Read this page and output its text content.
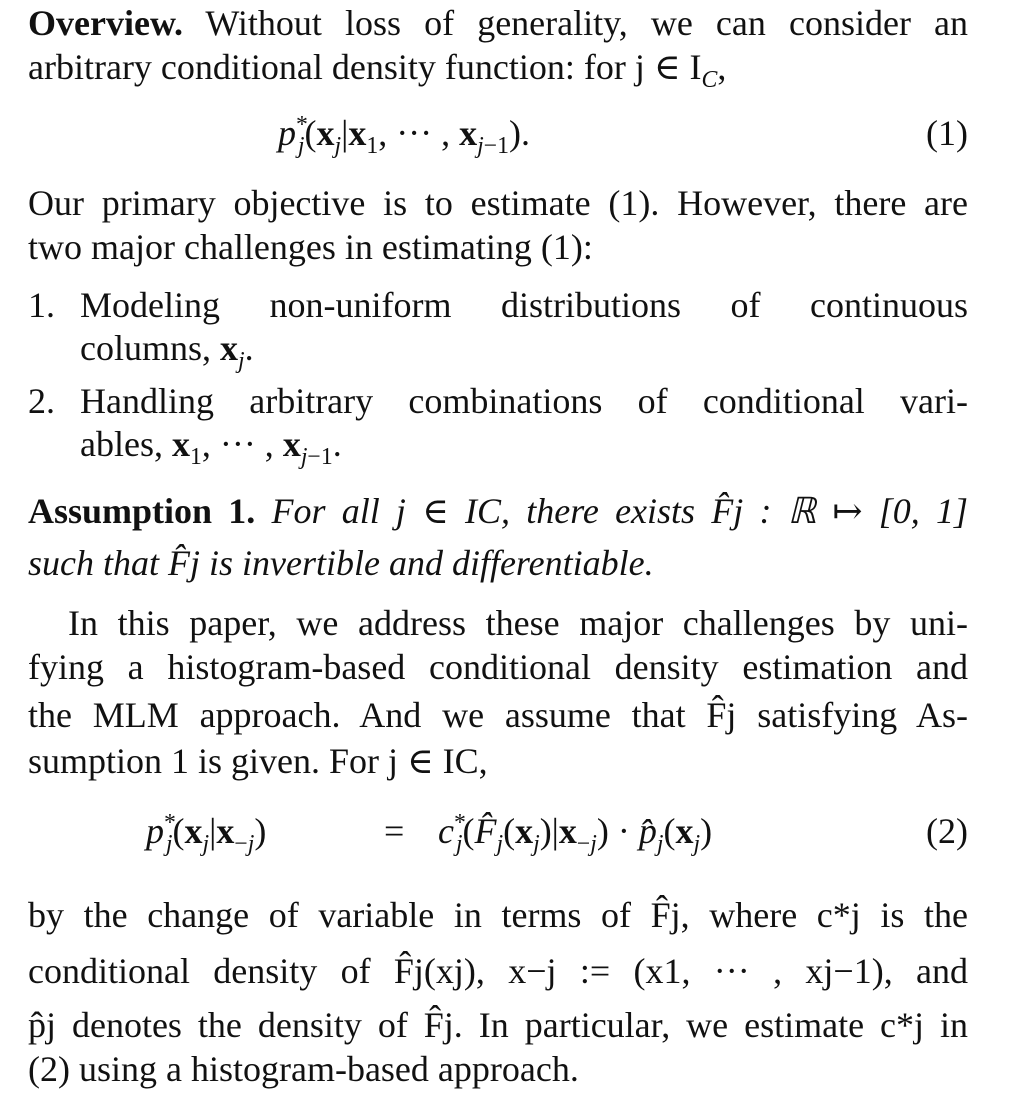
Overview. Without loss of generality, we can consider an
arbitrary conditional density function: for j ∈ $I_C$,
$p^*_j(x_j|x_1$, ··· , $x_{j-1}$).	(1)
Our primary objective is to estimate (1). However, there are
two major challenges in estimating (1):
1. Modeling non-uniform distributions of continuous
columns, $x_j$.
2. Handling arbitrary combinations of conditional vari-
ables, $x_1$, ··· , $x_{j-1}$.
Assumption 1. For all j ∈ IC, there exists F̂j : ℝ ↦ [0, 1]
such that F̂j is invertible and differentiable.
In this paper, we address these major challenges by uni-
fying a histogram-based conditional density estimation and
the MLM approach. And we assume that F̂j satisfying As-
sumption 1 is given. For j ∈ IC,
$p^*_j(x_j|x_{-j})$	= $c^*_j(F̂_j(x_j)|x_{-j})$ · $p̂_j(x_j)$	(2)
by the change of variable in terms of F̂j, where c*j is the
conditional density of F̂j(xj), x−j := (x1, ··· , xj−1), and
p̂j denotes the density of F̂j. In particular, we estimate c*j in
(2) using a histogram-based approach.
